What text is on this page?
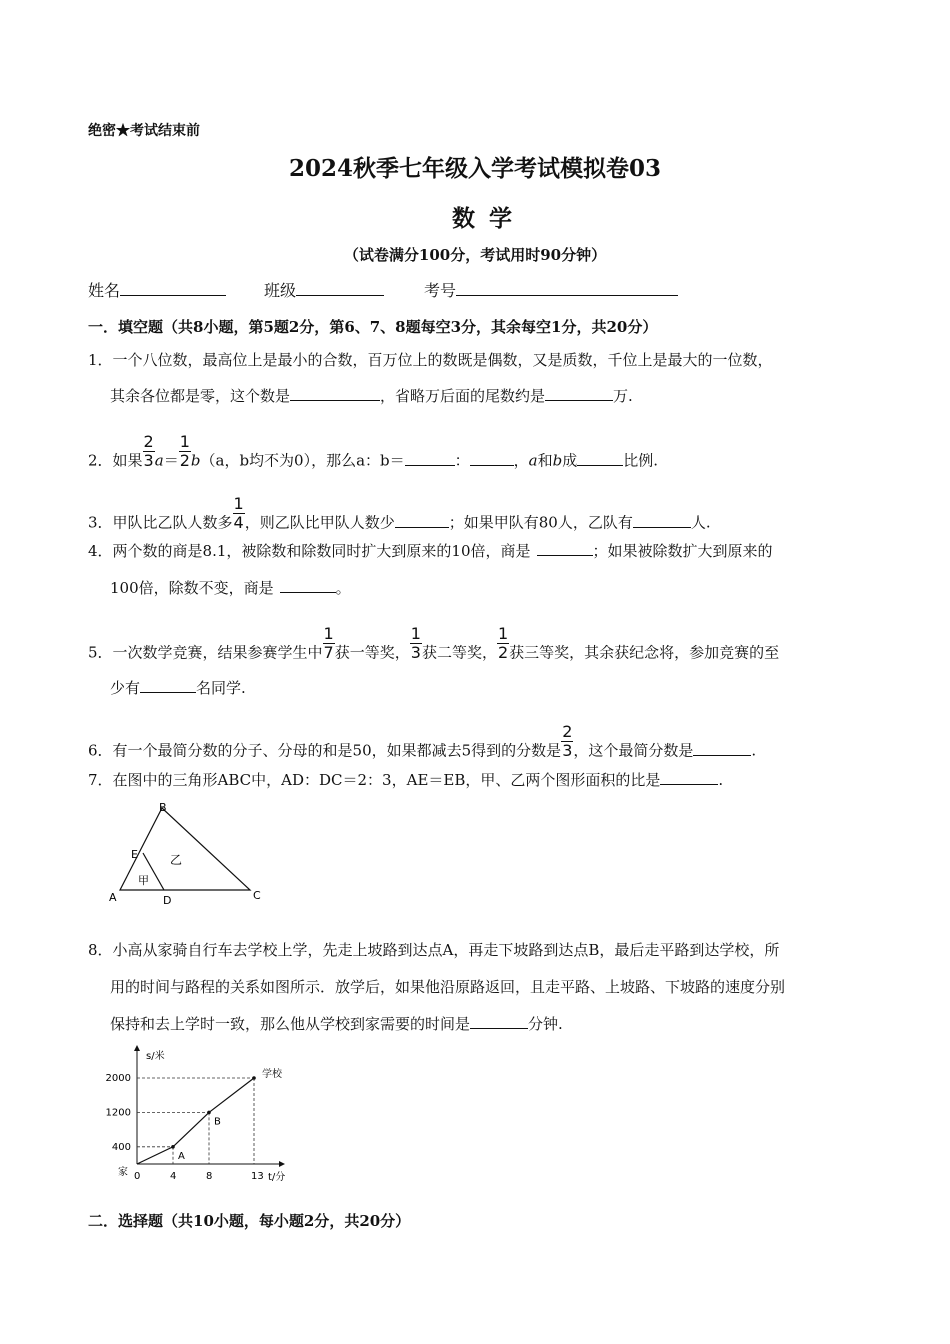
绝密★考试结束前
2024秋季七年级入学考试模拟卷03
数学
（试卷满分100分，考试用时90分钟）
姓名	班级	考号
一．填空题（共8小题，第5题2分，第6、7、8题每空3分，其余每空1分，共20分）
1．一个八位数，最高位上是最小的合数，百万位上的数既是偶数，又是质数，千位上是最大的一位数，
其余各位都是零，这个数是	，省略万后面的尾数约是	万.
2．如果 $\frac{2}{3} a= \frac{1}{2} b(a$，b均不为0），那么a：b＝	：	，a和b成	比例.
3．甲队比乙队人数多 $\frac{1}{4}$ ，则乙队比甲队人数少	；如果甲队有80人，乙队有	人.
4．两个数的商是8.1，被除数和除数同时扩大到原来的10倍，商是	；如果被除数扩大到原来的
100倍，除数不变，商是	。
5．一次数学竞赛，结果参赛学生中 $\frac{1}{7}$ 获一等奖， $\frac{1}{3}$ 获二等奖， $\frac{1}{2}$ 获三等奖，其余获纪念将，参加竞赛的至
少有	名同学.
6．有一个最简分数的分子、分母的和是50，如果都减去5得到的分数是 $\frac{2}{3}$ ，这个最简分数是	.
7．在图中的三角形ABC中，AD：DC＝2：3，AE＝EB，甲、乙两个图形面积的比是	.
B
E
A	D	C
甲
乙
8．小高从家骑自行车去学校上学，先走上坡路到达点A，再走下坡路到达点B，最后走平路到达学校，所
用的时间与路程的关系如图所示．放学后，如果他沿原路返回，且走平路、上坡路、下坡路的速度分别
保持和去上学时一致，那么他从学校到家需要的时间是	分钟.
s/米
t/分
家
A
B
学校
0	4	8	13
400
1200
2000
二．选择题（共10小题，每小题2分，共20分）
